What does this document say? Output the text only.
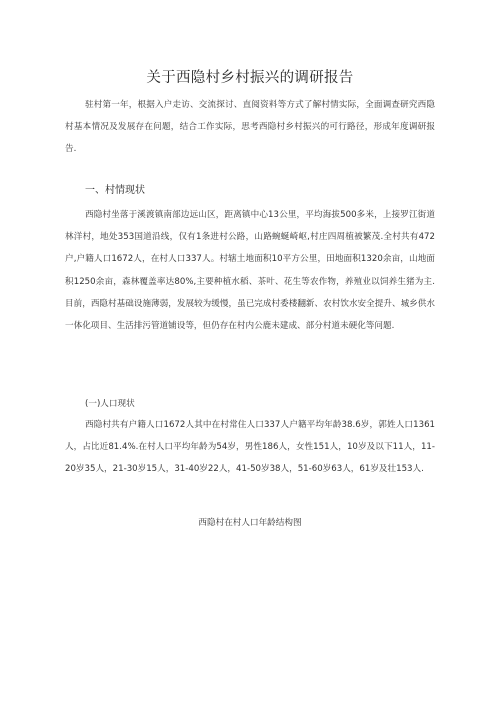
关于西隐村乡村振兴的调研报告

驻村第一年，根据入户走访、交流探讨、直阅资料等方式了解村情实际，全面调查研究西隐村基本情况及发展存在问题，结合工作实际，思考西隐村乡村振兴的可行路径，形成年度调研报告.

一、村情现状

西隐村坐落于溪渡镇南部边远山区，距离镇中心13公里，平均海拔500多米，上接罗江街道林洋村，地处353国道沿线，仅有1条进村公路，山路蜿蜒崎岖,村庄四周植被繁茂.全村共有472户,户籍人口1672人，在村人口337人。村辖土地面积10平方公里，田地面积1320余亩，山地面积1250余亩，森林覆盖率达80%,主要种植水稻、茶叶、花生等农作物，养殖业以饲养生猪为主.目前，西隐村基础设施薄弱，发展较为缓慢，虽已完成村委楼翻新、农村饮水安全提升、城乡供水一体化项目、生活排污管道铺设等，但仍存在村内公鹿未建成、部分村道未硬化等问题.

(一)人口现状

西隐村共有户籍人口1672人其中在村常住人口337人户籍平均年龄38.6岁，郭姓人口1361人，占比近81.4%.在村人口平均年龄为54岁，男性186人，女性151人，10岁及以下11人，11-20岁35人，21-30岁15人，31-40岁22人，41-50岁38人，51-60岁63人，61岁及壮153人.

西隐村在村人口年龄结构图
